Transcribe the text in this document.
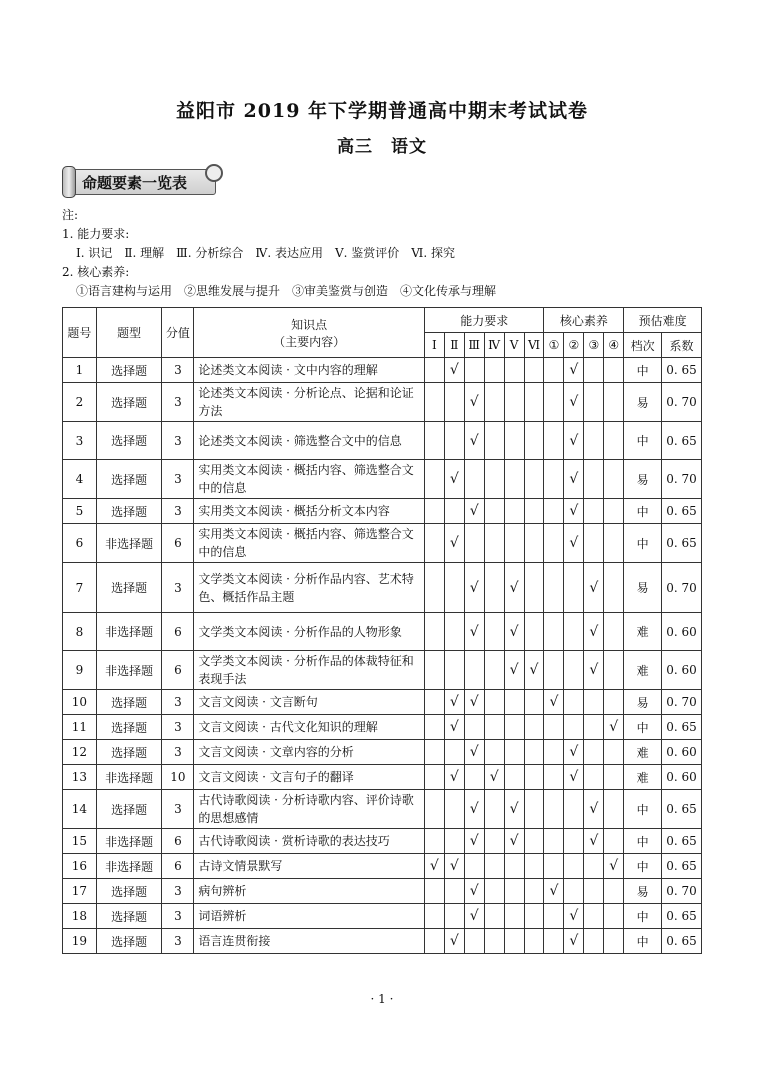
益阳市 2019 年下学期普通高中期末考试试卷
高三　语文
命题要素一览表
注:
1. 能力要求:
Ⅰ. 识记　Ⅱ. 理解　Ⅲ. 分析综合　Ⅳ. 表达应用　Ⅴ. 鉴赏评价　Ⅵ. 探究
2. 核心素养:
①语言建构与运用　②思维发展与提升　③审美鉴赏与创造　④文化传承与理解
题号	题型	分值	知识点
（主要内容）	能力要求						核心素养				预估难度	
				Ⅰ	Ⅱ	Ⅲ	Ⅳ	Ⅴ	Ⅵ	①	②	③	④	档次	系数
1	选择题	3	论述类文本阅读 · 文中内容的理解		√						√			中	0. 65
2	选择题	3	论述类文本阅读 · 分析论点、论据和论证方法			√					√			易	0. 70
3	选择题	3	论述类文本阅读 · 筛选整合文中的信息			√					√			中	0. 65
4	选择题	3	实用类文本阅读 · 概括内容、筛选整合文中的信息		√						√			易	0. 70
5	选择题	3	实用类文本阅读 · 概括分析文本内容			√					√			中	0. 65
6	非选择题	6	实用类文本阅读 · 概括内容、筛选整合文中的信息		√						√			中	0. 65
7	选择题	3	文学类文本阅读 · 分析作品内容、艺术特色、概括作品主题			√		√				√		易	0. 70
8	非选择题	6	文学类文本阅读 · 分析作品的人物形象			√		√				√		难	0. 60
9	非选择题	6	文学类文本阅读 · 分析作品的体裁特征和表现手法					√	√			√		难	0. 60
10	选择题	3	文言文阅读 · 文言断句		√	√				√				易	0. 70
11	选择题	3	文言文阅读 · 古代文化知识的理解		√								√	中	0. 65
12	选择题	3	文言文阅读 · 文章内容的分析			√					√			难	0. 60
13	非选择题	10	文言文阅读 · 文言句子的翻译		√		√				√			难	0. 60
14	选择题	3	古代诗歌阅读 · 分析诗歌内容、评价诗歌的思想感情			√		√				√		中	0. 65
15	非选择题	6	古代诗歌阅读 · 赏析诗歌的表达技巧			√		√				√		中	0. 65
16	非选择题	6	古诗文情景默写	√	√								√	中	0. 65
17	选择题	3	病句辨析			√				√				易	0. 70
18	选择题	3	词语辨析			√					√			中	0. 65
19	选择题	3	语言连贯衔接		√						√			中	0. 65
· 1 ·
